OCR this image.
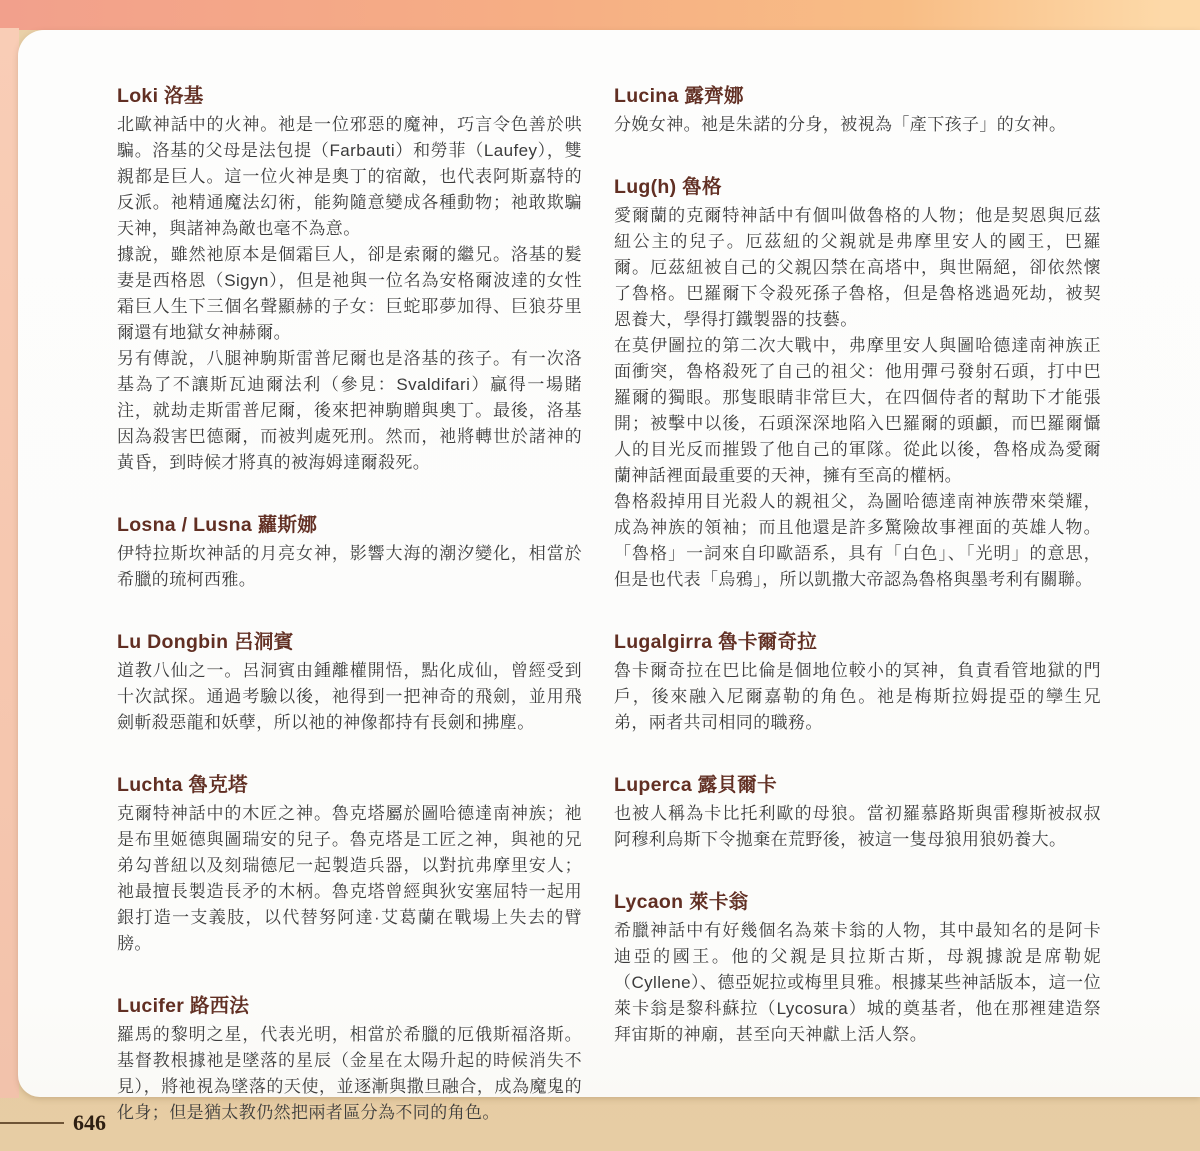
Loki 洛基

北歐神話中的火神。祂是一位邪惡的魔神，巧言令色善於哄騙。洛基的父母是法包提（Farbauti）和勞菲（Laufey），雙親都是巨人。這一位火神是奧丁的宿敵，也代表阿斯嘉特的反派。祂精通魔法幻術，能夠隨意變成各種動物；祂敢欺騙天神，與諸神為敵也毫不為意。

據說，雖然祂原本是個霜巨人，卻是索爾的繼兄。洛基的髮妻是西格恩（Sigyn），但是祂與一位名為安格爾波達的女性霜巨人生下三個名聲顯赫的子女：巨蛇耶夢加得、巨狼芬里爾還有地獄女神赫爾。

另有傳說，八腿神駒斯雷普尼爾也是洛基的孩子。有一次洛基為了不讓斯瓦迪爾法利（參見：Svaldifari）贏得一場賭注，就劫走斯雷普尼爾，後來把神駒贈與奧丁。最後，洛基因為殺害巴德爾，而被判處死刑。然而，祂將轉世於諸神的黃昏，到時候才將真的被海姆達爾殺死。

Losna / Lusna 蘿斯娜

伊特拉斯坎神話的月亮女神，影響大海的潮汐變化，相當於希臘的琉柯西雅。

Lu Dongbin 呂洞賓

道教八仙之一。呂洞賓由鍾離權開悟，點化成仙，曾經受到十次試探。通過考驗以後，祂得到一把神奇的飛劍，並用飛劍斬殺惡龍和妖孽，所以祂的神像都持有長劍和拂塵。

Luchta 魯克塔

克爾特神話中的木匠之神。魯克塔屬於圖哈德達南神族；祂是布里姬德與圖瑞安的兒子。魯克塔是工匠之神，與祂的兄弟勾普紐以及刻瑞德尼一起製造兵器，以對抗弗摩里安人；祂最擅長製造長矛的木柄。魯克塔曾經與狄安塞屈特一起用銀打造一支義肢，以代替努阿達·艾葛蘭在戰場上失去的臂膀。

Lucifer 路西法

羅馬的黎明之星，代表光明，相當於希臘的厄俄斯福洛斯。基督教根據祂是墜落的星辰（金星在太陽升起的時候消失不見），將祂視為墜落的天使，並逐漸與撒旦融合，成為魔鬼的化身；但是猶太教仍然把兩者區分為不同的角色。

Lucina 露齊娜

分娩女神。祂是朱諾的分身，被視為「產下孩子」的女神。

Lug(h) 魯格

愛爾蘭的克爾特神話中有個叫做魯格的人物；他是契恩與厄茲紐公主的兒子。厄茲紐的父親就是弗摩里安人的國王，巴羅爾。厄茲紐被自己的父親囚禁在高塔中，與世隔絕，卻依然懷了魯格。巴羅爾下令殺死孫子魯格，但是魯格逃過死劫，被契恩養大，學得打鐵製器的技藝。

在莫伊圖拉的第二次大戰中，弗摩里安人與圖哈德達南神族正面衝突，魯格殺死了自己的祖父：他用彈弓發射石頭，打中巴羅爾的獨眼。那隻眼睛非常巨大，在四個侍者的幫助下才能張開；被擊中以後，石頭深深地陷入巴羅爾的頭顱，而巴羅爾懾人的目光反而摧毀了他自己的軍隊。從此以後，魯格成為愛爾蘭神話裡面最重要的天神，擁有至高的權柄。

魯格殺掉用目光殺人的親祖父，為圖哈德達南神族帶來榮耀，成為神族的領袖；而且他還是許多驚險故事裡面的英雄人物。「魯格」一詞來自印歐語系，具有「白色」、「光明」的意思，但是也代表「烏鴉」，所以凱撒大帝認為魯格與墨考利有關聯。

Lugalgirra 魯卡爾奇拉

魯卡爾奇拉在巴比倫是個地位較小的冥神，負責看管地獄的門戶，後來融入尼爾嘉勒的角色。祂是梅斯拉姆提亞的孿生兄弟，兩者共司相同的職務。

Luperca 露貝爾卡

也被人稱為卡比托利歐的母狼。當初羅慕路斯與雷穆斯被叔叔阿穆利烏斯下令拋棄在荒野後，被這一隻母狼用狼奶養大。

Lycaon 萊卡翁

希臘神話中有好幾個名為萊卡翁的人物，其中最知名的是阿卡迪亞的國王。他的父親是貝拉斯古斯，母親據說是席勒妮（Cyllene）、德亞妮拉或梅里貝雅。根據某些神話版本，這一位萊卡翁是黎科蘇拉（Lycosura）城的奠基者，他在那裡建造祭拜宙斯的神廟，甚至向天神獻上活人祭。

646
